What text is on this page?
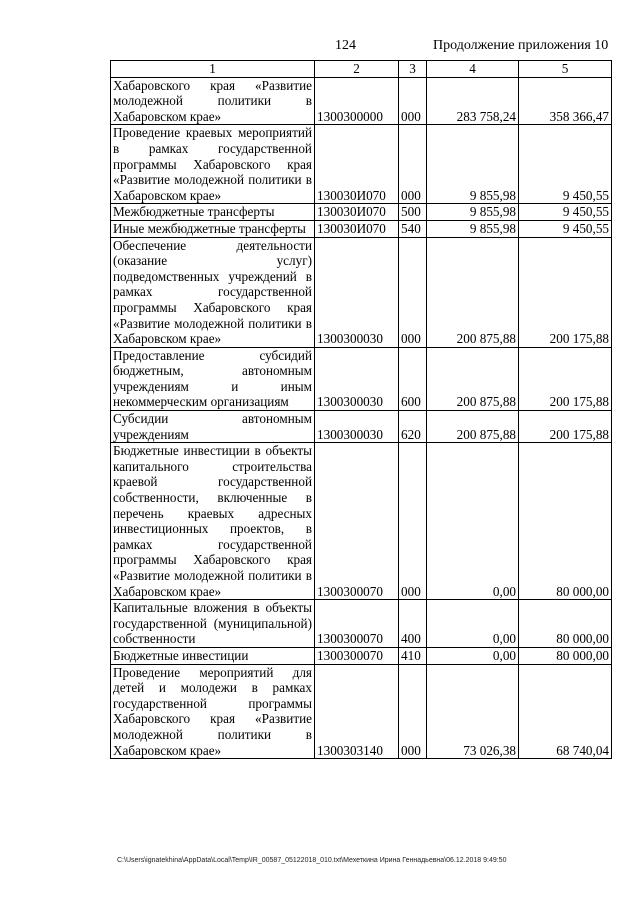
124	Продолжение приложения 10
1	2	3	4	5
Хабаровского края «Развитие молодежной политики в Хабаровском крае»	1300300000	000	283 758,24	358 366,47
Проведение краевых мероприятий в рамках государственной программы Хабаровского края «Развитие молодежной политики в Хабаровском крае»	130030И070	000	9 855,98	9 450,55
Межбюджетные трансферты	130030И070	500	9 855,98	9 450,55
Иные межбюджетные трансферты	130030И070	540	9 855,98	9 450,55
Обеспечение деятельности (оказание услуг) подведомственных учреждений в рамках государственной программы Хабаровского края «Развитие молодежной политики в Хабаровском крае»	1300300030	000	200 875,88	200 175,88
Предоставление субсидий бюджетным, автономным учреждениям и иным некоммерческим организациям	1300300030	600	200 875,88	200 175,88
Субсидии автономным учреждениям	1300300030	620	200 875,88	200 175,88
Бюджетные инвестиции в объекты капитального строительства краевой государственной собственности, включенные в перечень краевых адресных инвестиционных проектов, в рамках государственной программы Хабаровского края «Развитие молодежной политики в Хабаровском крае»	1300300070	000	0,00	80 000,00
Капитальные вложения в объекты государственной (муниципальной) собственности	1300300070	400	0,00	80 000,00
Бюджетные инвестиции	1300300070	410	0,00	80 000,00
Проведение мероприятий для детей и молодежи в рамках государственной программы Хабаровского края «Развитие молодежной политики в Хабаровском крае»	1300303140	000	73 026,38	68 740,04
C:\Users\ignatekhina\AppData\Local\Temp\IR_00587_05122018_010.txt\Мехеткина Ирина Геннадьевна\06.12.2018 9:49:50
